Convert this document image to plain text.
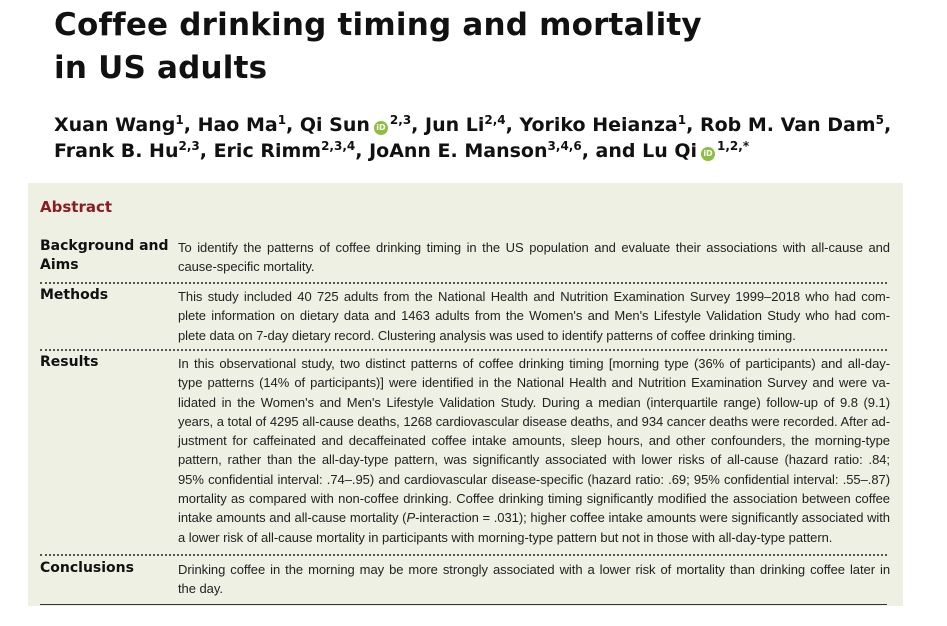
Coffee drinking timing and mortality
in US adults
Xuan Wang$^1$, Hao Ma$^1$, Qi Sun iD$^{2,3}$, Jun Li$^{2,4}$, Yoriko Heianza$^1$, Rob M. Van Dam$^5$,
Frank B. Hu$^{2,3}$, Eric Rimm$^{2,3,4}$, JoAnn E. Manson$^{3,4,6}$, and Lu Qi $iD^{1,2,*}$
Abstract
Background and
Aims

To identify the patterns of coffee drinking timing in the US population and evaluate their associations with all-cause and
cause-specific mortality.

Methods	This study included 40 725 adults from the National Health and Nutrition Examination Survey 1999–2018 who had com-
plete information on dietary data and 1463 adults from the Women's and Men's Lifestyle Validation Study who had com-
plete data on 7-day dietary record. Clustering analysis was used to identify patterns of coffee drinking timing.

Results	In this observational study, two distinct patterns of coffee drinking timing [morning type (36% of participants) and all-day-
type patterns (14% of participants)] were identified in the National Health and Nutrition Examination Survey and were va-
lidated in the Women's and Men's Lifestyle Validation Study. During a median (interquartile range) follow-up of 9.8 (9.1)
years, a total of 4295 all-cause deaths, 1268 cardiovascular disease deaths, and 934 cancer deaths were recorded. After ad-
justment for caffeinated and decaffeinated coffee intake amounts, sleep hours, and other confounders, the morning-type
pattern, rather than the all-day-type pattern, was significantly associated with lower risks of all-cause (hazard ratio: .84;
95% confidential interval: .74–.95) and cardiovascular disease-specific (hazard ratio: .69; 95% confidential interval: .55–.87)
mortality as compared with non-coffee drinking. Coffee drinking timing significantly modified the association between coffee
intake amounts and all-cause mortality (P-interaction = .031); higher coffee intake amounts were significantly associated with
a lower risk of all-cause mortality in participants with morning-type pattern but not in those with all-day-type pattern.

Conclusions	Drinking coffee in the morning may be more strongly associated with a lower risk of mortality than drinking coffee later in
the day.
